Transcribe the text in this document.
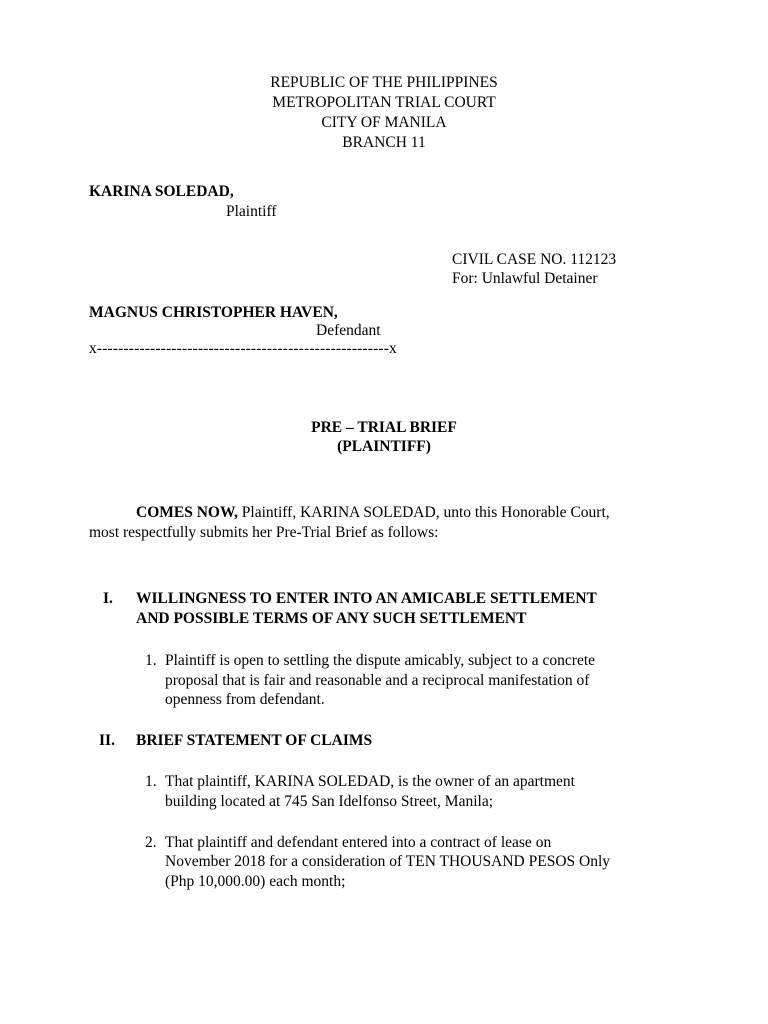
REPUBLIC OF THE PHILIPPINES
METROPOLITAN TRIAL COURT
CITY OF MANILA
BRANCH 11
KARINA SOLEDAD,
Plaintiff
CIVIL CASE NO. 112123
For: Unlawful Detainer
MAGNUS CHRISTOPHER HAVEN,
Defendant
x-------------------------------------------------------x
PRE – TRIAL BRIEF
(PLAINTIFF)
COMES NOW, Plaintiff, KARINA SOLEDAD, unto this Honorable Court,
most respectfully submits her Pre-Trial Brief as follows:
I. WILLINGNESS TO ENTER INTO AN AMICABLE SETTLEMENT
AND POSSIBLE TERMS OF ANY SUCH SETTLEMENT
1. Plaintiff is open to settling the dispute amicably, subject to a concrete
proposal that is fair and reasonable and a reciprocal manifestation of
openness from defendant.
II. BRIEF STATEMENT OF CLAIMS
1. That plaintiff, KARINA SOLEDAD, is the owner of an apartment
building located at 745 San Idelfonso Street, Manila;
2. That plaintiff and defendant entered into a contract of lease on
November 2018 for a consideration of TEN THOUSAND PESOS Only
(Php 10,000.00) each month;
